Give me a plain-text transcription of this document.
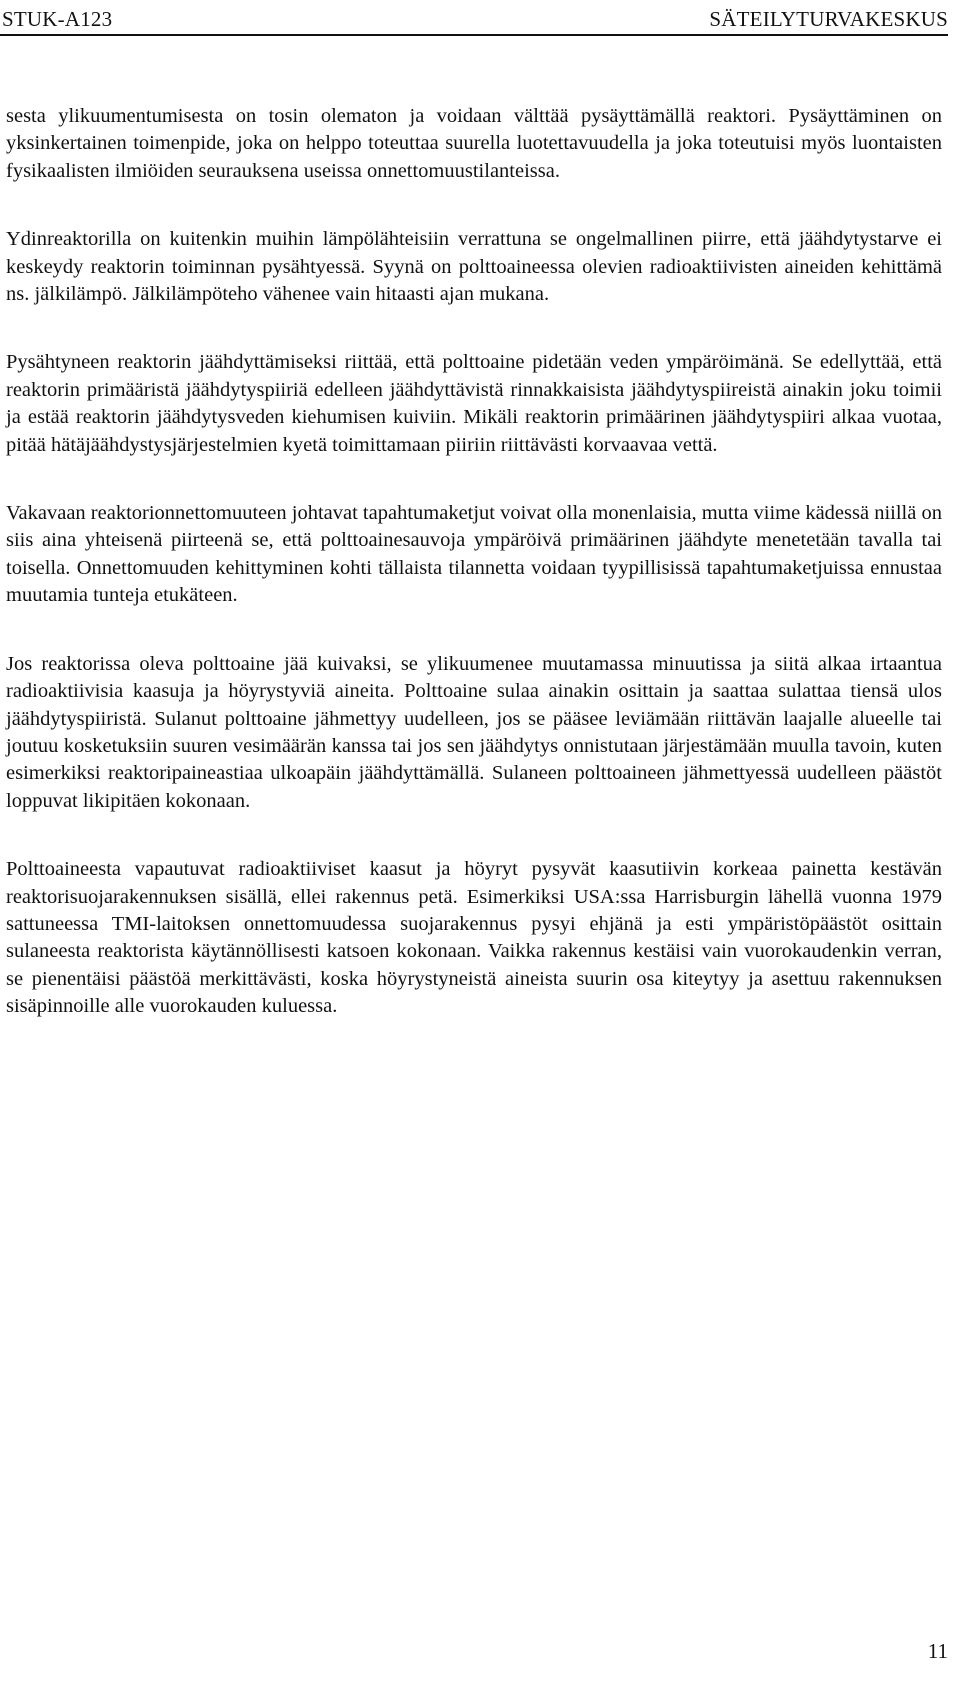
STUK-A123	SÄTEILYTURVAKESKUS

sesta ylikuumentumisesta on tosin olematon ja voidaan välttää pysäyttämällä reaktori. Pysäyttäminen on yksinkertainen toimenpide, joka on helppo toteuttaa suurella luotettavuudella ja joka toteutuisi myös luontaisten fysikaalisten ilmiöiden seurauksena useissa onnettomuustilanteissa.

Ydinreaktorilla on kuitenkin muihin lämpölähteisiin verrattuna se ongelmallinen piirre, että jäähdytystarve ei keskeydy reaktorin toiminnan pysähtyessä. Syynä on polttoaineessa olevien radioaktiivisten aineiden kehittämä ns. jälkilämpö. Jälkilämpöteho vähenee vain hitaasti ajan mukana.

Pysähtyneen reaktorin jäähdyttämiseksi riittää, että polttoaine pidetään veden ympäröimänä. Se edellyttää, että reaktorin primääristä jäähdytyspiiriä edelleen jäähdyttävistä rinnakkaisista jäähdytyspiireistä ainakin joku toimii ja estää reaktorin jäähdytysveden kiehumisen kuiviin. Mikäli reaktorin primäärinen jäähdytyspiiri alkaa vuotaa, pitää hätäjäähdystysjärjestelmien kyetä toimittamaan piiriin riittävästi korvaavaa vettä.

Vakavaan reaktorionnettomuuteen johtavat tapahtumaketjut voivat olla monenlaisia, mutta viime kädessä niillä on siis aina yhteisenä piirteenä se, että polttoainesauvoja ympäröivä primäärinen jäähdyte menetetään tavalla tai toisella. Onnettomuuden kehittyminen kohti tällaista tilannetta voidaan tyypillisissä tapahtumaketjuissa ennustaa muutamia tunteja etukäteen.

Jos reaktorissa oleva polttoaine jää kuivaksi, se ylikuumenee muutamassa minuutissa ja siitä alkaa irtaantua radioaktiivisia kaasuja ja höyrystyviä aineita. Polttoaine sulaa ainakin osittain ja saattaa sulattaa tiensä ulos jäähdytyspiiristä. Sulanut polttoaine jähmettyy uudelleen, jos se pääsee leviämään riittävän laajalle alueelle tai joutuu kosketuksiin suuren vesimäärän kanssa tai jos sen jäähdytys onnistutaan järjestämään muulla tavoin, kuten esimerkiksi reaktoripaineastiaa ulkoapäin jäähdyttämällä. Sulaneen polttoaineen jähmettyessä uudelleen päästöt loppuvat likipitäen kokonaan.

Polttoaineesta vapautuvat radioaktiiviset kaasut ja höyryt pysyvät kaasutiivin korkeaa painetta kestävän reaktorisuojarakennuksen sisällä, ellei rakennus petä. Esimerkiksi USA:ssa Harrisburgin lähellä vuonna 1979 sattuneessa TMI-laitoksen onnettomuudessa suojarakennus pysyi ehjänä ja esti ympäristöpäästöt osittain sulaneesta reaktorista käytännöllisesti katsoen kokonaan. Vaikka rakennus kestäisi vain vuorokaudenkin verran, se pienentäisi päästöä merkittävästi, koska höyrystyneistä aineista suurin osa kiteytyy ja asettuu rakennuksen sisäpinnoille alle vuorokauden kuluessa.

11
